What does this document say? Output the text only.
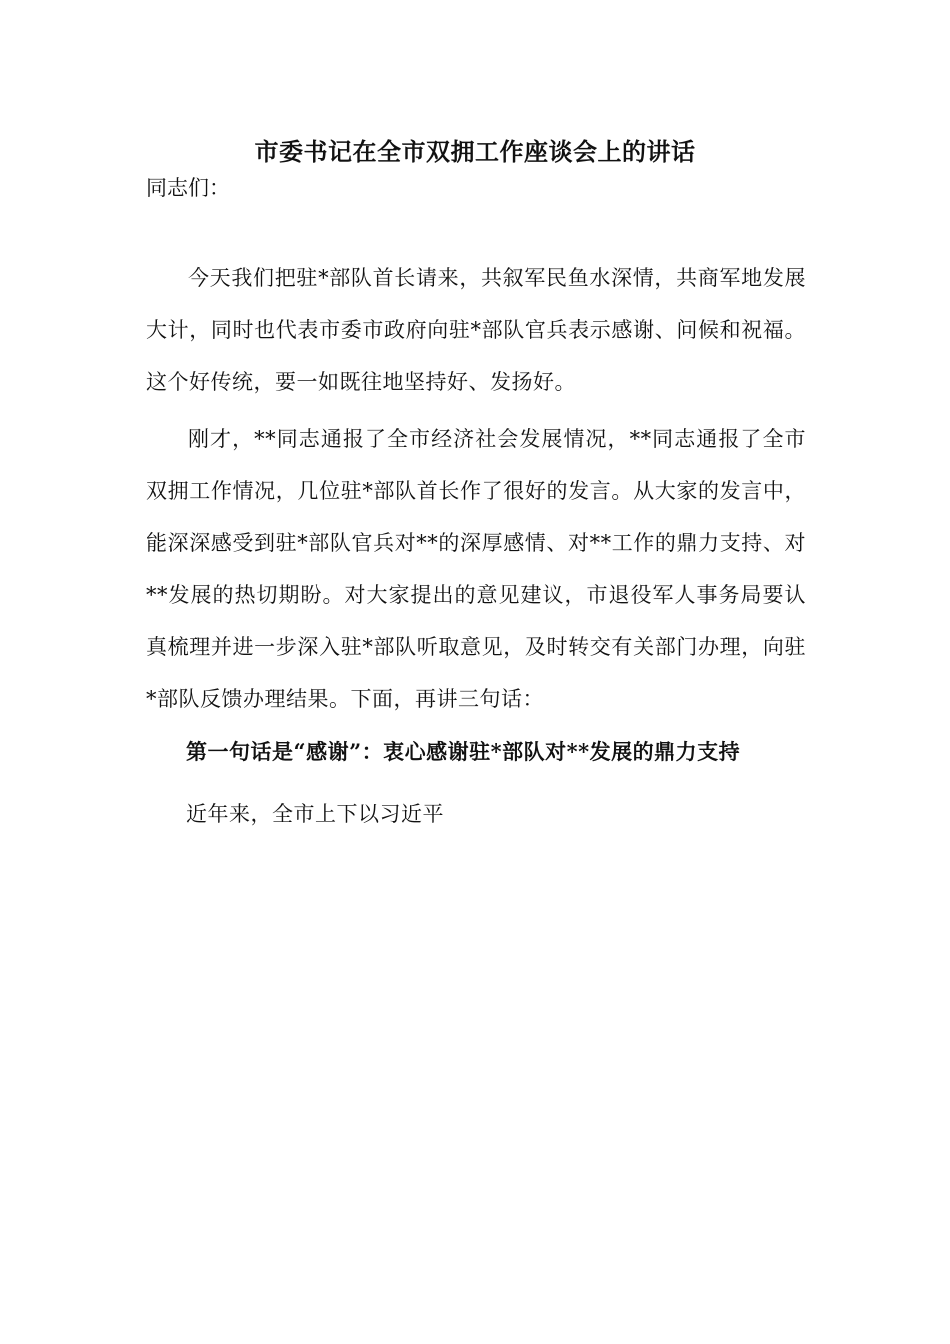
市委书记在全市双拥工作座谈会上的讲话
同志们：
今天我们把驻*部队首长请来，共叙军民鱼水深情，共商军地发展大计，同时也代表市委市政府向驻*部队官兵表示感谢、问候和祝福。这个好传统，要一如既往地坚持好、发扬好。
刚才，**同志通报了全市经济社会发展情况，**同志通报了全市双拥工作情况，几位驻*部队首长作了很好的发言。从大家的发言中，能深深感受到驻*部队官兵对**的深厚感情、对**工作的鼎力支持、对**发展的热切期盼。对大家提出的意见建议，市退役军人事务局要认真梳理并进一步深入驻*部队听取意见，及时转交有关部门办理，向驻*部队反馈办理结果。下面，再讲三句话：
第一句话是“感谢”：衷心感谢驻*部队对**发展的鼎力支持
近年来，全市上下以习近平
